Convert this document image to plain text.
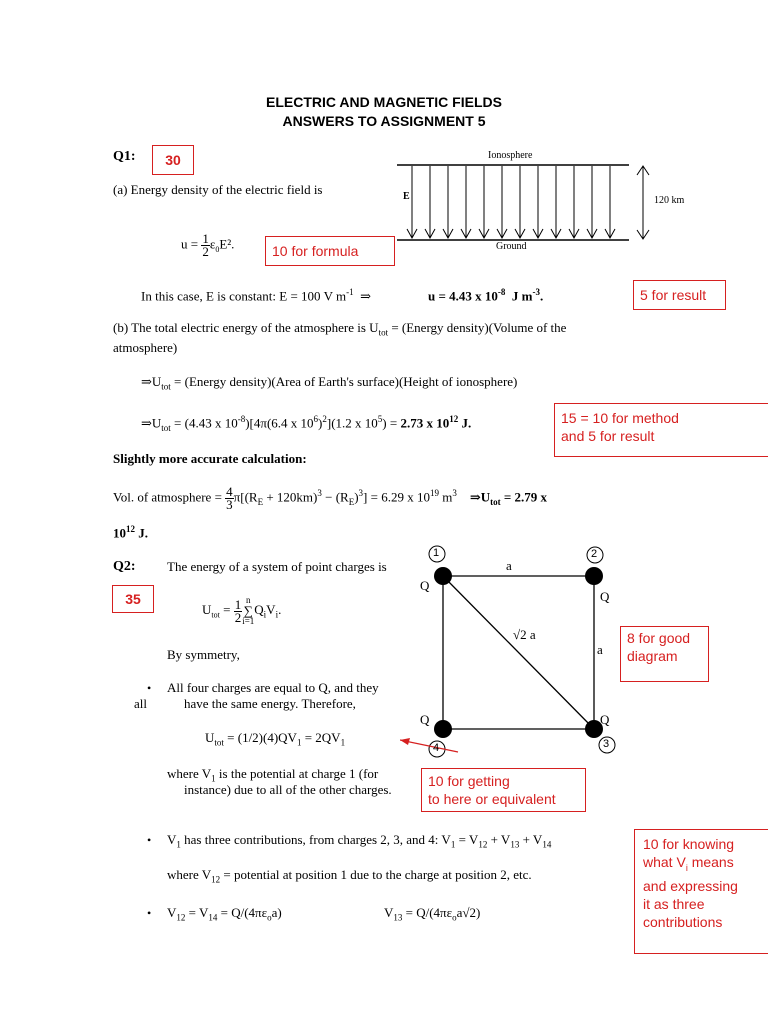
ELECTRIC AND MAGNETIC FIELDS
ANSWERS TO ASSIGNMENT 5
Q1:	30
(a) Energy density of the electric field is
Ionosphere
E	120 km
Ground
$u = \frac{1}{2} \varepsilon_0E^2$.	10 for formula
In this case, E is constant: E = 100 V $m^{-1}$ ⇒	u = 4.43 x $10^{-8}$ J $m^{-3}$.	5 for result
(b) The total electric energy of the atmosphere is $U_{tot}$ = (Energy density)(Volume of the
atmosphere)
$\Rightarrow U_{tot}$ = (Energy density)(Area of Earth's surface)(Height of ionosphere)
$\Rightarrow U_{tot} = (4.43$ x $10^{-8})[4\pi(6.4$ x $10^6)^2](1.2$ x $10^5) = 2.73$ x $10^{12}$ J.	15 = 10 for method
and 5 for result
Slightly more accurate calculation:
Vol. of atmosphere = $\frac{4}{3} \pi[(R_E + 120km)^3 - (R_E)^3] = 6.29$ x $10^{19}$ $m^3$ $\Rightarrow U_{tot} = 2.79$ x
$10^{12}$ J.
Q2: The energy of a system of point charges is
35
$U_{tot} = \frac{1}{2}$ n
∑
i=1
$Q_iV_i$.
By symmetry,
• All four charges are equal to Q, and they
all	have the same energy. Therefore,
$U_{tot} = (1/2)(4)QV_1 = 2QV_1$
where $V_1$ is the potential at charge 1 (for
instance) due to all of the other charges.
10 for getting
to here or equivalent
• $V_1$ has three contributions, from charges 2, 3, and 4: $V_1 = V_{12} + V_{13} + V_{14}$
where $V_{12}$ = potential at position 1 due to the charge at position 2, etc.
• $V_{12} = V_{14} = Q/(4\pi\varepsilon_oa)$	$V_{13} = Q/(4\pi\varepsilon_oa√2)$
10 for knowing
what $V_i$ means
and expressing
it as three
contributions
1	2
3
4
Q
Q
Q	Q
a
a
√2 a	8 for good
diagram
